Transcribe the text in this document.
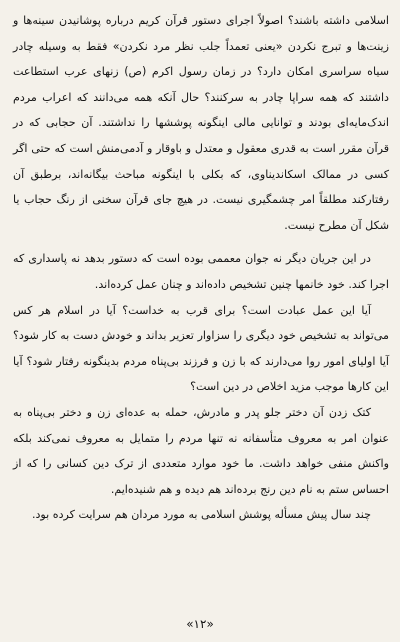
اسلامی داشته باشند؟ اصولاً اجرای دستور قرآن کریم درباره پوشانیدن سینه‌ها و زینت‌ها و تبرج نکردن «یعنی تعمداً جلب نظر مرد نکردن» فقط به وسیله چادر سیاه سراسری امکان دارد؟ در زمان رسول اکرم (ص) زنهای عرب استطاعت داشتند که همه سراپا چادر به سرکنند؟ حال آنکه همه می‌دانند که اعراب مردم اندک‌مایه‌ای بودند و توانایی مالی اینگونه پوششها را نداشتند. آن حجابی که در قرآن مقرر است به قدری معقول و معتدل و باوقار و آدمی‌منش است که حتی اگر کسی در ممالک اسکاندیناوی، که بکلی با اینگونه مباحث بیگانه‌اند، برطبق آن رفتارکند مطلقاً امر چشمگیری نیست. در هیچ جای قرآن سخنی از رنگ حجاب یا شکل آن مطرح نیست.

در این جریان دیگر نه جوان معممی بوده است که دستور بدهد نه پاسداری که اجرا کند. خود خانمها چنین تشخیص داده‌اند و چنان عمل کرده‌اند.

آیا این عمل عبادت است؟ برای قرب به خداست؟ آیا در اسلام هر کس می‌تواند به تشخیص خود دیگری را سزاوار تعزیر بداند و خودش دست به کار شود؟ آیا اولیای امور روا می‌دارند که با زن و فرزند بی‌پناه مردم بدینگونه رفتار شود؟ آیا این کارها موجب مزید اخلاص در دین است؟

کتک زدن آن دختر جلو پدر و مادرش، حمله به عده‌ای زن و دختر بی‌پناه به عنوان امر به معروف متأسفانه نه تنها مردم را متمایل به معروف نمی‌کند بلکه واکنش منفی خواهد داشت. ما خود موارد متعددی از ترک دین کسانی را که از احساس ستم به نام دین رنج برده‌اند هم دیده و هم شنیده‌ایم.

چند سال پیش مسأله پوشش اسلامی به مورد مردان هم سرایت کرده بود.

«۱۲»
